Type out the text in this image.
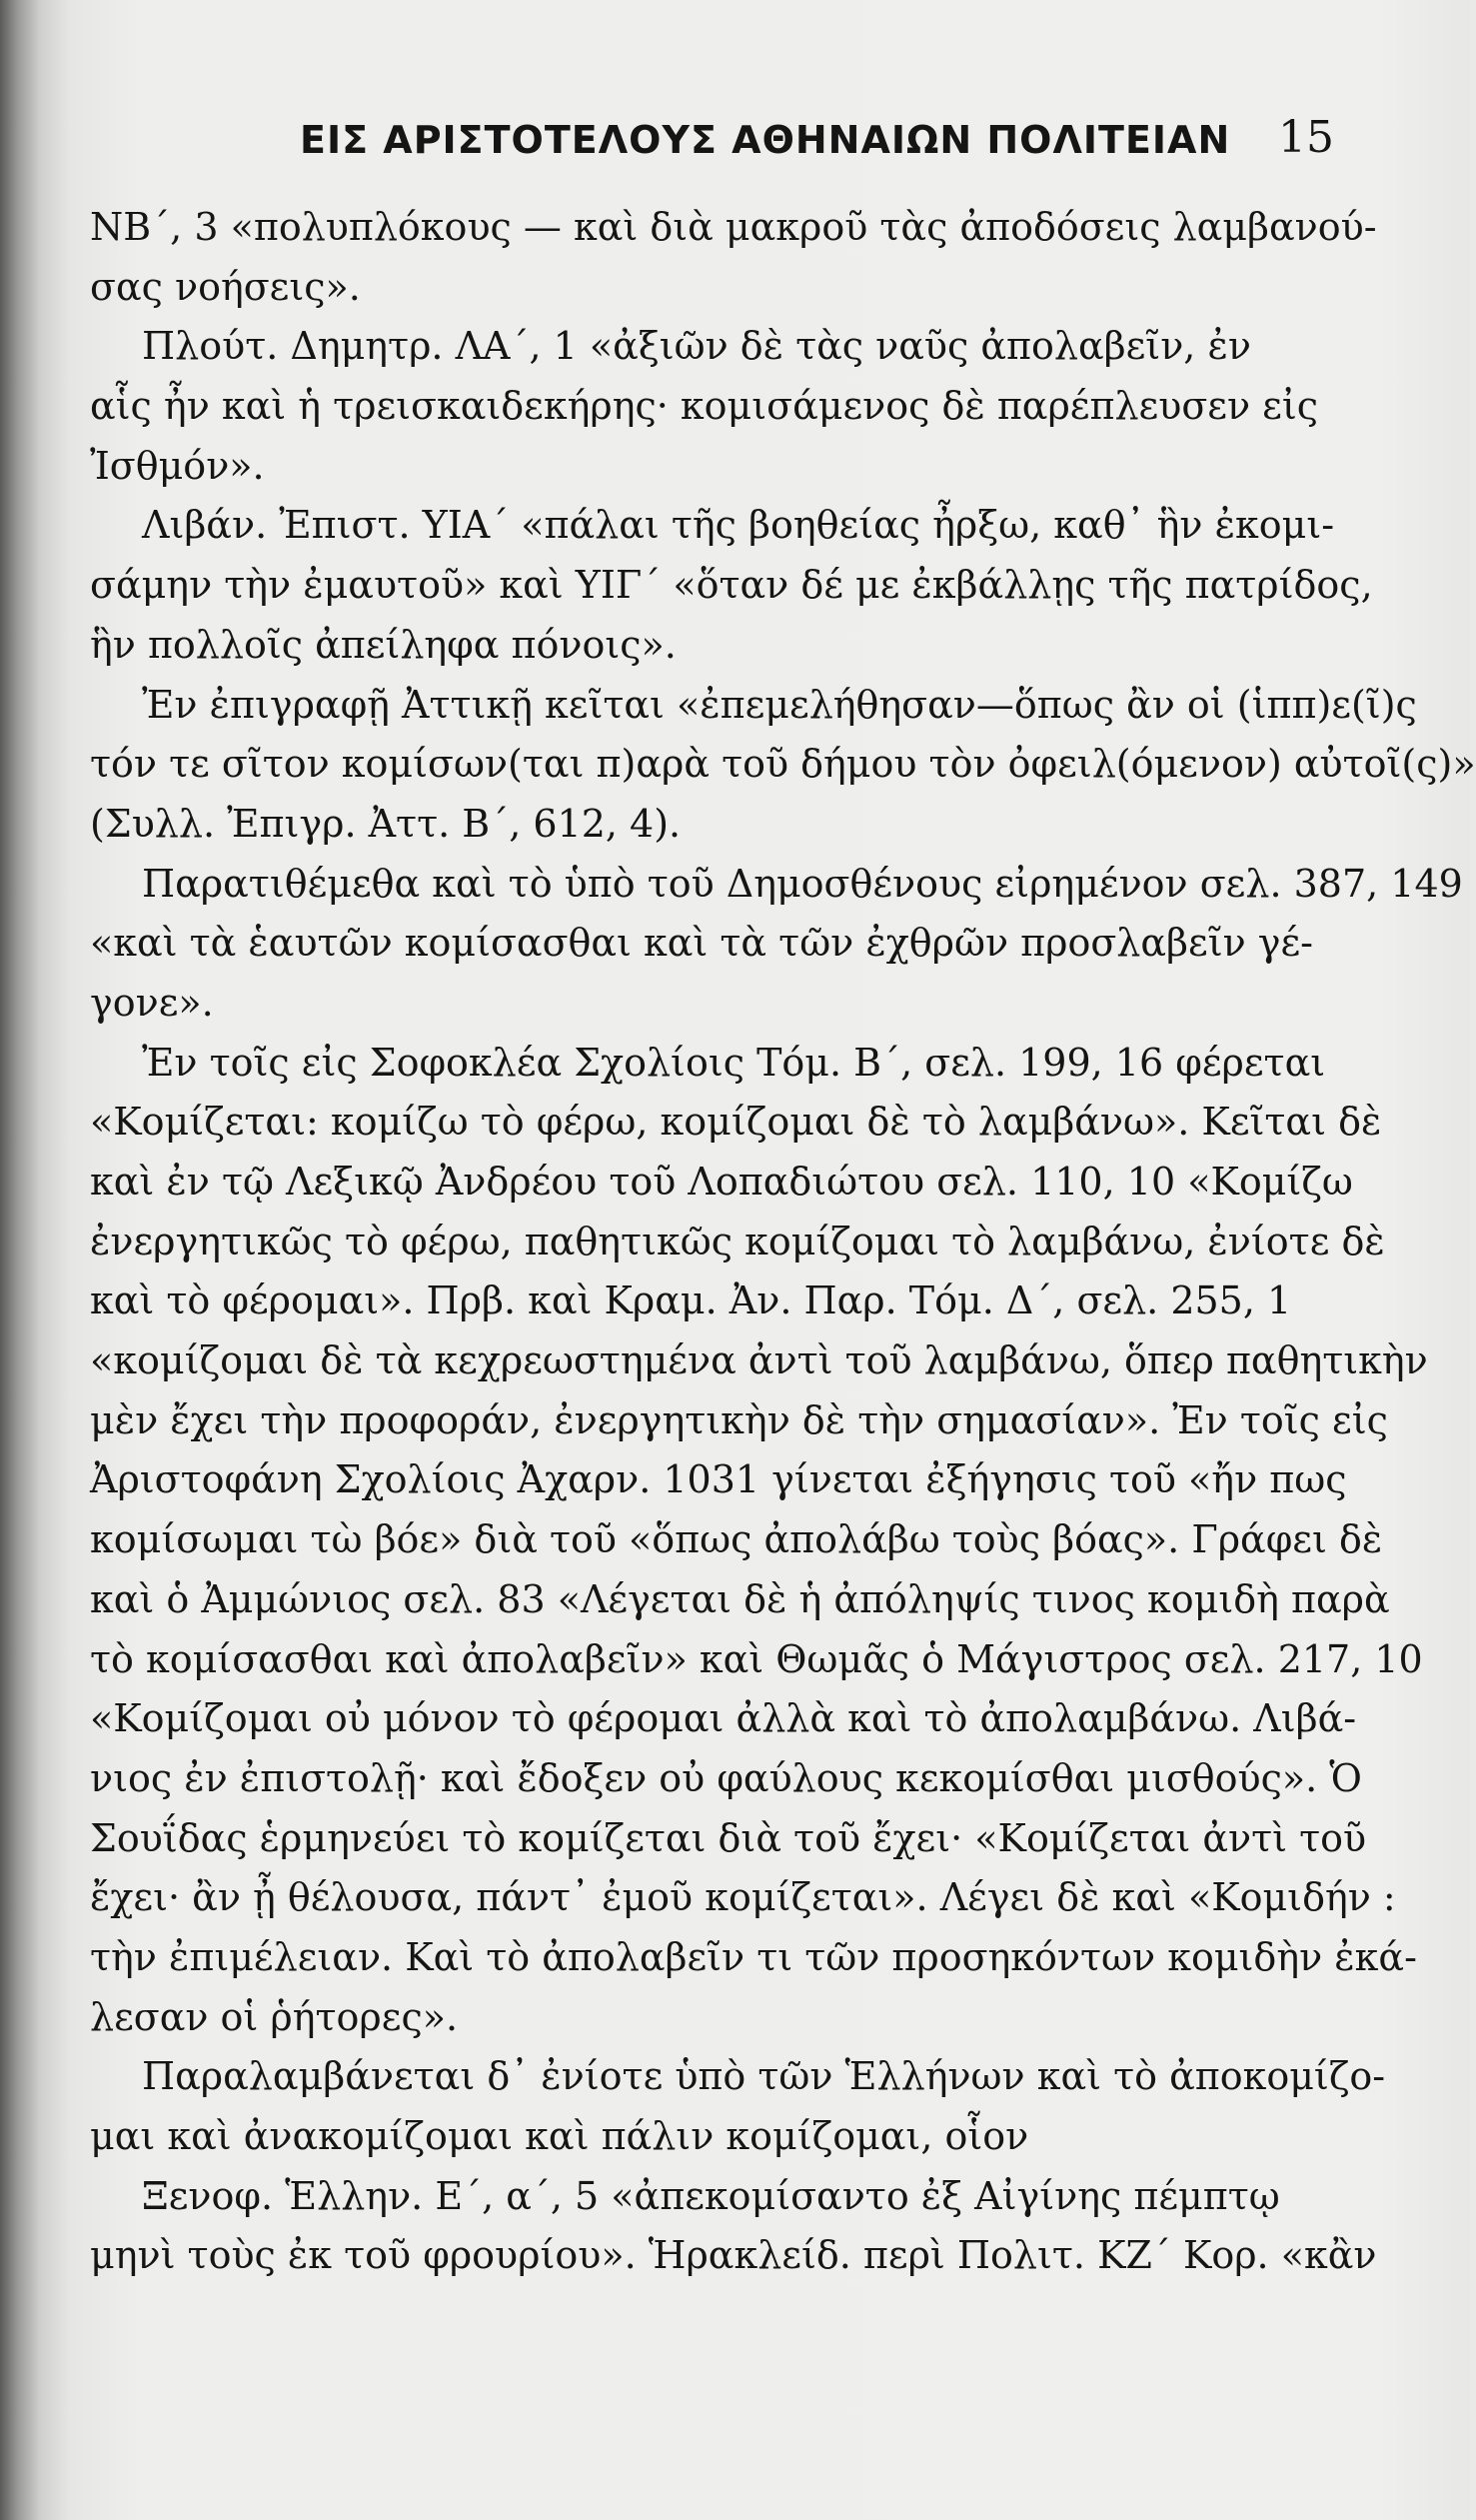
ΕΙΣ ΑΡΙΣΤΟΤΕΛΟΥΣ ΑΘΗΝΑΙΩΝ ΠΟΛΙΤΕΙΑΝ 15
ΝΒ΄, 3 «πολυπλόκους — καὶ διὰ μακροῦ τὰς ἀποδόσεις λαμβανού-
σας νοήσεις».
Πλούτ. Δημητρ. ΛΑ΄, 1 «ἀξιῶν δὲ τὰς ναῦς ἀπολαβεῖν, ἐν
αἷς ἦν καὶ ἡ τρεισκαιδεκήρης· κομισάμενος δὲ παρέπλευσεν εἰς
Ἰσθμόν».
Λιβάν. Ἐπιστ. ΥΙΑ΄ «πάλαι τῆς βοηθείας ἦρξω, καθ᾽ ἣν ἐκομι-
σάμην τὴν ἐμαυτοῦ» καὶ ΥΙΓ΄ «ὅταν δέ με ἐκβάλλῃς τῆς πατρίδος,
ἣν πολλοῖς ἀπείληφα πόνοις».
Ἐν ἐπιγραφῇ Ἀττικῇ κεῖται «ἐπεμελήθησαν—ὅπως ἂν οἱ (ἱππ)ε(ῖ)ς
τόν τε σῖτον κομίσων(ται π)αρὰ τοῦ δήμου τὸν ὀφειλ(όμενον) αὐτοῖ(ς)»
(Συλλ. Ἐπιγρ. Ἀττ. Β΄, 612, 4).
Παρατιθέμεθα καὶ τὸ ὑπὸ τοῦ Δημοσθένους εἰρημένον σελ. 387, 149
«καὶ τὰ ἑαυτῶν κομίσασθαι καὶ τὰ τῶν ἐχθρῶν προσλαβεῖν γέ-
γονε».
Ἐν τοῖς εἰς Σοφοκλέα Σχολίοις Τόμ. Β΄, σελ. 199, 16 φέρεται
«Κομίζεται: κομίζω τὸ φέρω, κομίζομαι δὲ τὸ λαμβάνω». Κεῖται δὲ
καὶ ἐν τῷ Λεξικῷ Ἀνδρέου τοῦ Λοπαδιώτου σελ. 110, 10 «Κομίζω
ἐνεργητικῶς τὸ φέρω, παθητικῶς κομίζομαι τὸ λαμβάνω, ἐνίοτε δὲ
καὶ τὸ φέρομαι». Πρβ. καὶ Κραμ. Ἀν. Παρ. Τόμ. Δ΄, σελ. 255, 1
«κομίζομαι δὲ τὰ κεχρεωστημένα ἀντὶ τοῦ λαμβάνω, ὅπερ παθητικὴν
μὲν ἔχει τὴν προφοράν, ἐνεργητικὴν δὲ τὴν σημασίαν». Ἐν τοῖς εἰς
Ἀριστοφάνη Σχολίοις Ἀχαρν. 1031 γίνεται ἐξήγησις τοῦ «ἤν πως
κομίσωμαι τὼ βόε» διὰ τοῦ «ὅπως ἀπολάβω τοὺς βόας». Γράφει δὲ
καὶ ὁ Ἀμμώνιος σελ. 83 «Λέγεται δὲ ἡ ἀπόληψίς τινος κομιδὴ παρὰ
τὸ κομίσασθαι καὶ ἀπολαβεῖν» καὶ Θωμᾶς ὁ Μάγιστρος σελ. 217, 10
«Κομίζομαι οὐ μόνον τὸ φέρομαι ἀλλὰ καὶ τὸ ἀπολαμβάνω. Λιβά-
νιος ἐν ἐπιστολῇ· καὶ ἔδοξεν οὐ φαύλους κεκομίσθαι μισθούς». Ὁ
Σουΐδας ἑρμηνεύει τὸ κομίζεται διὰ τοῦ ἔχει· «Κομίζεται ἀντὶ τοῦ
ἔχει· ἂν ᾖ θέλουσα, πάντ᾽ ἐμοῦ κομίζεται». Λέγει δὲ καὶ «Κομιδήν :
τὴν ἐπιμέλειαν. Καὶ τὸ ἀπολαβεῖν τι τῶν προσηκόντων κομιδὴν ἐκά-
λεσαν οἱ ῥήτορες».
Παραλαμβάνεται δ᾽ ἐνίοτε ὑπὸ τῶν Ἑλλήνων καὶ τὸ ἀποκομίζο-
μαι καὶ ἀνακομίζομαι καὶ πάλιν κομίζομαι, οἷον
Ξενοφ. Ἑλλην. Ε΄, α΄, 5 «ἀπεκομίσαντο ἐξ Αἰγίνης πέμπτῳ
μηνὶ τοὺς ἐκ τοῦ φρουρίου». Ἡρακλείδ. περὶ Πολιτ. ΚΖ΄ Κορ. «κἂν
